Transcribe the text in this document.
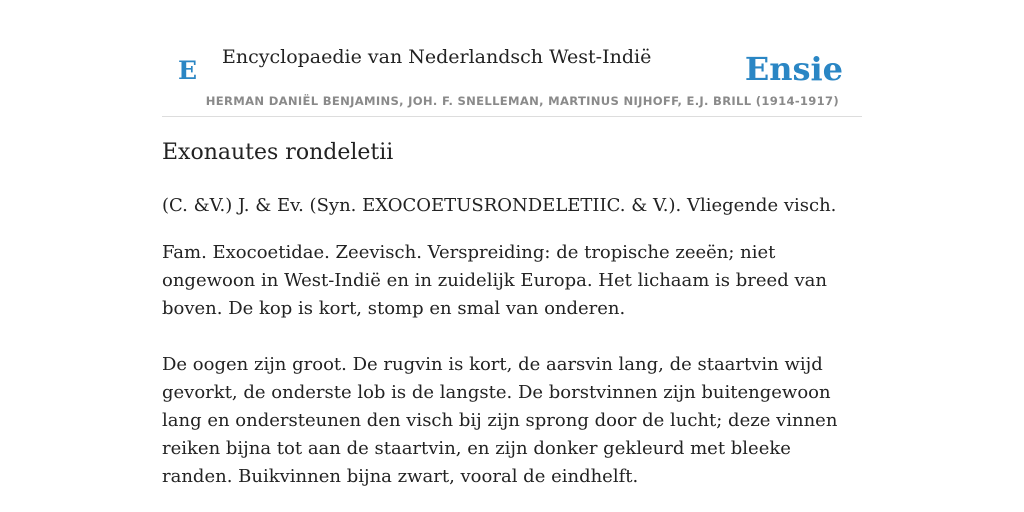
E Encyclopaedie van Nederlandsch West-Indië	Ensie
HERMAN DANIËL BENJAMINS, JOH. F. SNELLEMAN, MARTINUS NIJHOFF, E.J. BRILL (1914-1917)
Exonautes rondeletii

(C. &V.) J. & Ev. (Syn. EXOCOETUSRONDELETIIC. & V.). Vliegende visch.

Fam. Exocoetidae. Zeevisch. Verspreiding: de tropische zeeën; niet ongewoon in West-Indië en in zuidelijk Europa. Het lichaam is breed van boven. De kop is kort, stomp en smal van onderen.

De oogen zijn groot. De rugvin is kort, de aarsvin lang, de staartvin wijd gevorkt, de onderste lob is de langste. De borstvinnen zijn buitengewoon lang en ondersteunen den visch bij zijn sprong door de lucht; deze vinnen reiken bijna tot aan de staartvin, en zijn donker gekleurd met bleeke randen. Buikvinnen bijna zwart, vooral de eindhelft.
